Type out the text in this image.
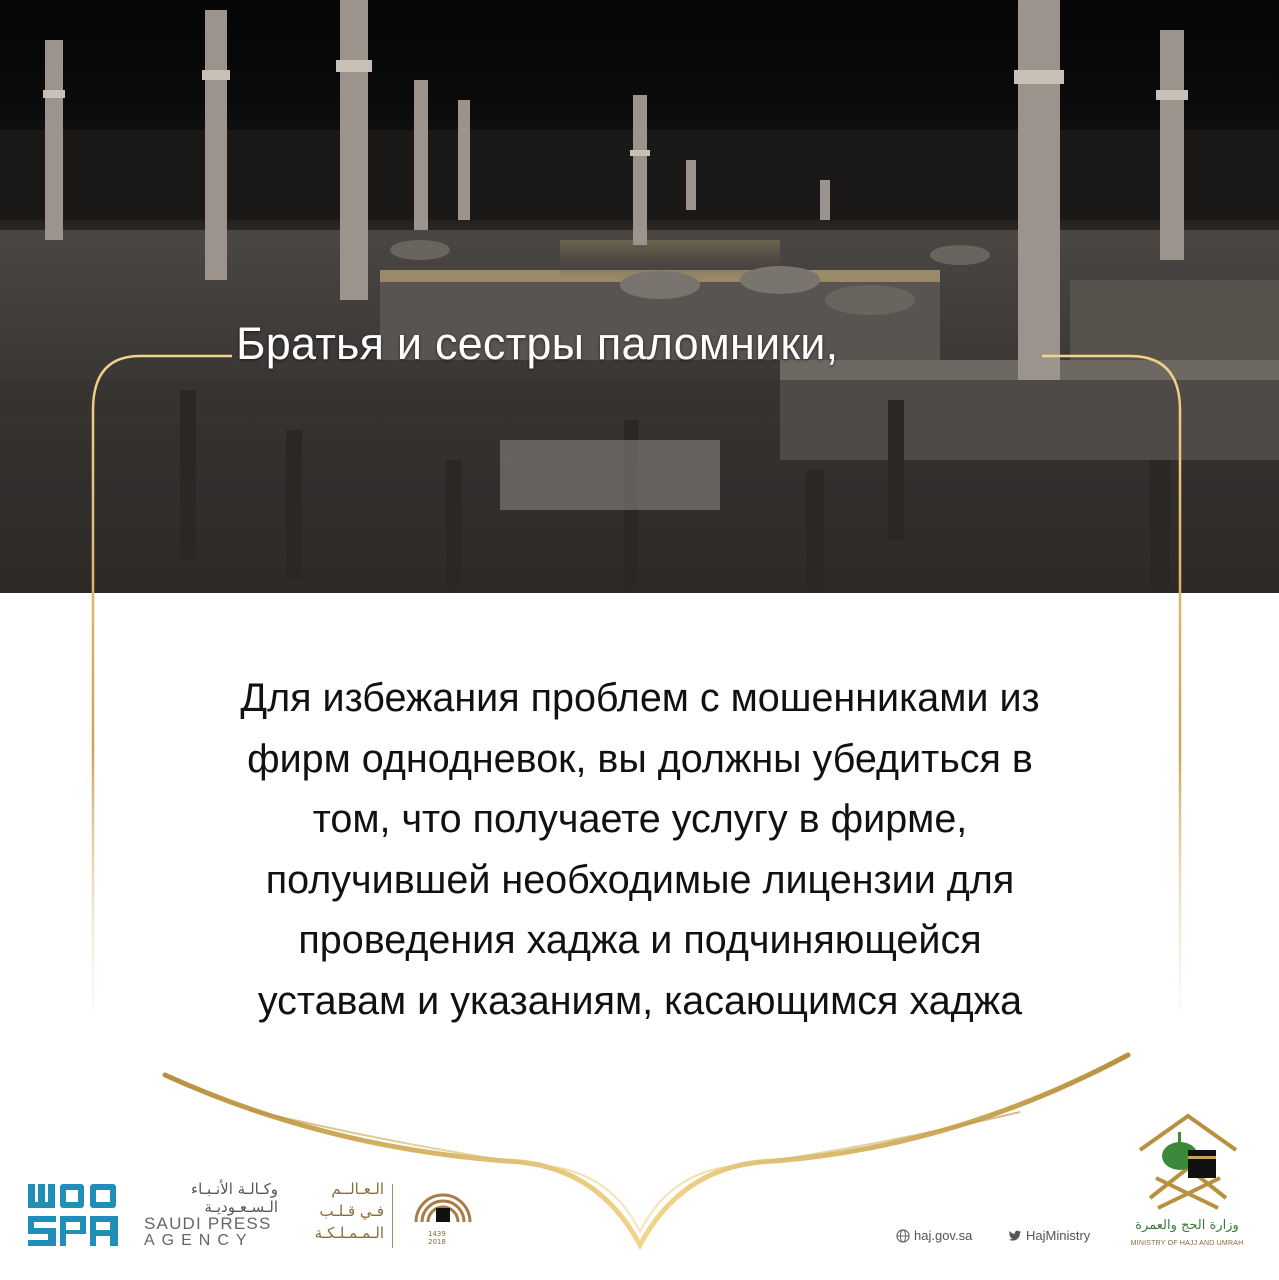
Братья и сестры паломники,
Для избежания проблем с мошенниками из
фирм однодневок, вы должны убедиться в
том, что получаете услугу в фирме,
получившей необходимые лицензии для
проведения хаджа и подчиняющейся
уставам и указаниям, касающимся хаджа
وكـالـة الأنـبـاء
الـسـعـوديـة
SAUDI PRESS
AGENCY
الـعـالــم
فـي قـلـب
الـمـمـلـكـة	1439
2018	haj.gov.sa	HajMinistry
وزارة الحج والعمرة
MINISTRY OF HAJJ AND UMRAH
